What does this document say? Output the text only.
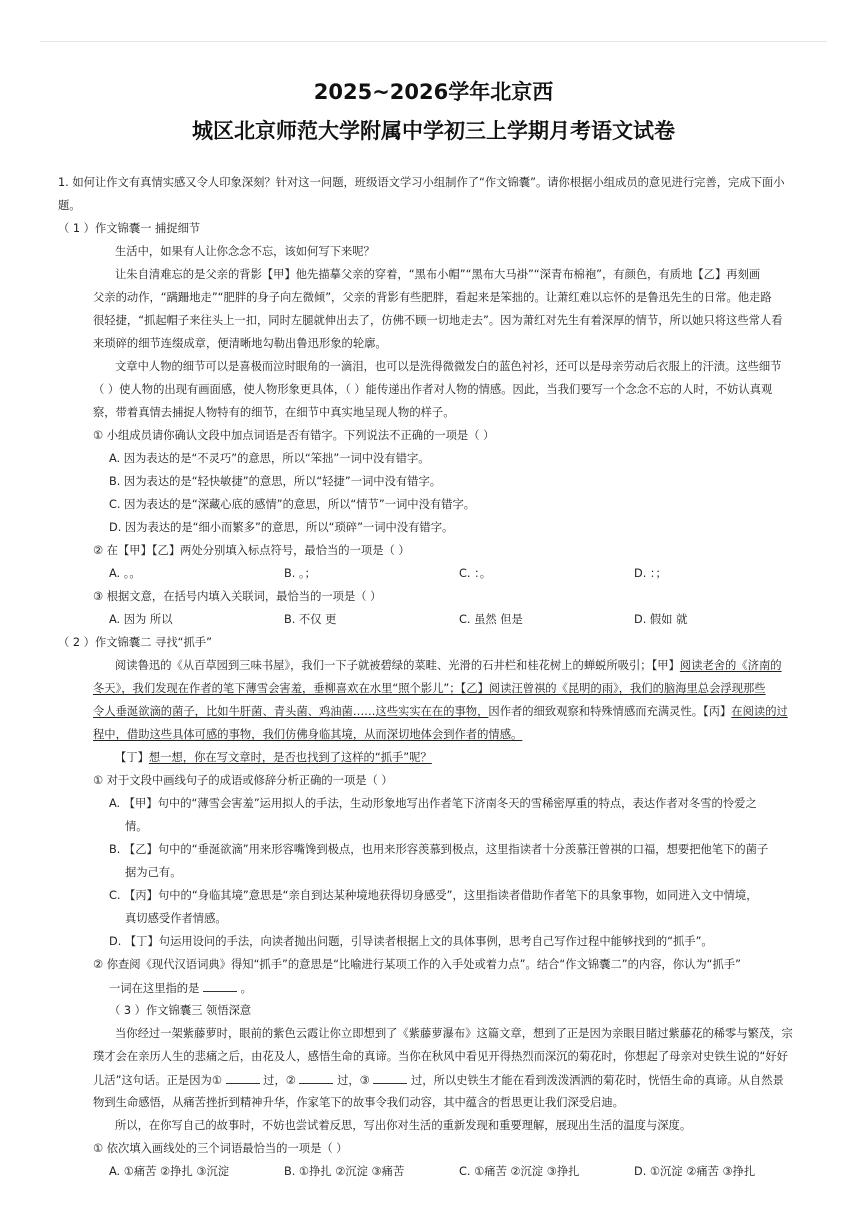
2025~2026学年北京西
城区北京师范大学附属中学初三上学期月考语文试卷
1. 如何让作文有真情实感又令人印象深刻？针对这一问题，班级语文学习小组制作了“作文锦囊”。请你根据小组成员的意见进行完善，完成下面小
题。
（ 1 ）作文锦囊一 捕捉细节
生活中，如果有人让你念念不忘，该如何写下来呢？
让朱自清难忘的是父亲的背影【甲】他先描摹父亲的穿着，“黑布小帽”“黑布大马褂”“深青布棉袍”，有颜色，有质地【乙】再刻画
父亲的动作，“蹒跚地走”“肥胖的身子向左微倾”，父亲的背影有些肥胖，看起来是笨拙的。让萧红难以忘怀的是鲁迅先生的日常。他走路
很轻捷，“抓起帽子来往头上一扣，同时左腿就伸出去了，仿佛不顾一切地走去”。因为萧红对先生有着深厚的情节，所以她只将这些常人看
来琐碎的细节连缀成章，便清晰地勾勒出鲁迅形象的轮廓。
文章中人物的细节可以是喜极而泣时眼角的一滴泪，也可以是洗得微微发白的蓝色衬衫，还可以是母亲劳动后衣服上的汗渍。这些细节
（ ）使人物的出现有画面感，使人物形象更具体，（ ）能传递出作者对人物的情感。因此，当我们要写一个念念不忘的人时，不妨认真观
察，带着真情去捕捉人物特有的细节，在细节中真实地呈现人物的样子。
① 小组成员请你确认文段中加点词语是否有错字。下列说法不正确的一项是（ ）
A. 因为表达的是“不灵巧”的意思，所以“笨拙”一词中没有错字。
B. 因为表达的是“轻快敏捷”的意思，所以“轻捷”一词中没有错字。
C. 因为表达的是“深藏心底的感情”的意思，所以“情节”一词中没有错字。
D. 因为表达的是“细小而繁多”的意思，所以“琐碎”一词中没有错字。
② 在【甲】【乙】两处分别填入标点符号，最恰当的一项是（ ）
A. 。。	B. 。；	C. ：。	D. ：；
③ 根据文意，在括号内填入关联词，最恰当的一项是（ ）
A. 因为 所以	B. 不仅 更	C. 虽然 但是	D. 假如 就
（ 2 ）作文锦囊二 寻找“抓手”
① 对于文段中画线句子的成语或修辞分析正确的一项是（ ）
A. 【甲】句中的“薄雪会害羞”运用拟人的手法，生动形象地写出作者笔下济南冬天的雪稀密厚重的特点，表达作者对冬雪的怜爱之
情。
B. 【乙】句中的“垂涎欲滴”用来形容嘴馋到极点，也用来形容羡慕到极点，这里指读者十分羡慕汪曾祺的口福，想要把他笔下的菌子
据为己有。
C. 【丙】句中的“身临其境”意思是“亲自到达某种境地获得切身感受”，这里指读者借助作者笔下的具象事物，如同进入文中情境，
真切感受作者情感。
D. 【丁】句运用设问的手法，向读者抛出问题，引导读者根据上文的具体事例，思考自己写作过程中能够找到的“抓手”。
② 你查阅《现代汉语词典》得知“抓手”的意思是“比喻进行某项工作的入手处或着力点”。结合“作文锦囊二”的内容，你认为“抓手”
（ 3 ）作文锦囊三 领悟深意
当你经过一架紫藤萝时，眼前的紫色云霞让你立即想到了《紫藤萝瀑布》这篇文章，想到了正是因为亲眼目睹过紫藤花的稀零与繁茂，宗
璞才会在亲历人生的悲痛之后，由花及人，感悟生命的真谛。当你在秋风中看见开得热烈而深沉的菊花时，你想起了母亲对史铁生说的“好好
物到生命感悟，从痛苦挫折到精神升华，作家笔下的故事令我们动容，其中蕴含的哲思更让我们深受启迪。
所以，在你写自己的故事时，不妨也尝试着反思，写出你对生活的重新发现和重要理解，展现出生活的温度与深度。
① 依次填入画线处的三个词语最恰当的一项是（ ）
A. ①痛苦 ②挣扎 ③沉淀	B. ①挣扎 ②沉淀 ③痛苦	C. ①痛苦 ②沉淀 ③挣扎	D. ①沉淀 ②痛苦 ③挣扎
阅读鲁迅的《从百草园到三味书屋》，我们一下子就被碧绿的菜畦、光滑的石井栏和桂花树上的蝉蜕所吸引；【甲】阅读老舍的《济南的
冬天》，我们发现在作者的笔下薄雪会害羞，垂柳喜欢在水里“照个影儿”；【乙】阅读汪曾祺的《昆明的雨》，我们的脑海里总会浮现那些
令人垂涎欲滴的菌子，比如牛肝菌、青头菌、鸡油菌……这些实实在在的事物，因作者的细致观察和特殊情感而充满灵性。【丙】在阅读的过
程中，借助这些具体可感的事物，我们仿佛身临其境，从而深切地体会到作者的情感。
【丁】想一想，你在写文章时，是否也找到了这样的“抓手”呢？
一词在这里指的是	。
儿活”这句话。正是因为①	过，②	过，③	过，所以史铁生才能在看到泼泼洒洒的菊花时，恍悟生命的真谛。从自然景
